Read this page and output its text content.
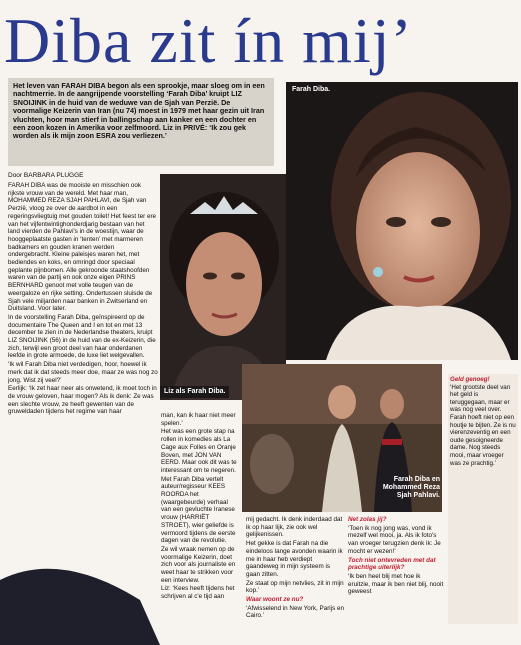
Diba zit ín mij’
Het leven van FARAH DIBA begon als een sprookje, maar sloeg om in een nachtmerrie. In de aangrijpende voorstelling ‘Farah Diba’ kruipt LIZ SNOIJINK in de huid van de weduwe van de Sjah van Perzië. De voormalige Keizerin van Iran (nu 74) moest in 1979 met haar gezin uit Iran vluchten, hoor man stierf in ballingschap aan kanker en een dochter en een zoon kozen in Amerika voor zelfmoord. Liz in PRIVÉ: ‘Ik zou gek worden als ik mijn zoon ESRA zou verliezen.’
Farah Diba.
Door BARBARA PLUGGE

FARAH DIBA was de mooiste en misschien ook rijkste vrouw van de wereld. Met haar man, MOHAMMED REZA SJAH PAHLAVI, de Sjah van Perzië, vloog ze over de aardbol in een regeringsvliegtuig met gouden toilet! Het feest ter ere van het vijfentwintighonderdjarig bestaan van het land vierden de Pahlavi's in de woestijn, waar de hooggeplaatste gasten in ‘tenten’ met marmeren badkamers en gouden kranen werden ondergebracht. Kleine paleisjes waren het, met bediendes en koks, en omringd door speciaal geplante pijnbomen. Alle gekroonde staatshoofden waren van de partij en ook onze eigen PRINS BERNHARD genoot met volle teugen van de weergaloze en rijke setting. Ondertussen sluisde de Sjah vele miljarden naar banken in Zwitserland en Duitsland. Voor later.

In de voorstelling Farah Diba, geïnspireerd op de documentaire The Queen and I en tot en met 13 december te zien in de Nederlandse theaters, kruipt LIZ SNOIJINK (56) in de huid van de ex-Keizerin, die zich, terwijl een groot deel van haar onderdanen leefde in grote armoede, de luxe liet welgevallen.

‘Ik wil Farah Diba niet verdedigen, hoor, hoewel ik merk dat ik dat steeds meer doe, maar ze was nog zo jong. Wist zij veel?’

Eerlijk: ‘Ik zet haar neer als onwetend, ik moet toch in de vrouw geloven, haar mogen? Als ik denk: Ze was een slechte vrouw, ze heeft gewenten van de gruweldaden tijdens het regime van haar

Liz als Farah Diba.

man, kan ik haar niet meer spelen.’

Het was een grote stap na rollen in komedies als La Cage aux Folles en Oranje Boven, met JON VAN EERD. Maar ook dit was te interessant om te negeren.

Met Farah Diba vertelt auteur/regisseur KEES ROORDA het (waargebeurde) verhaal van een gevluchte Iranese vrouw (HARRIËT STROET), wier geliefde is vermoord tijdens de eerste dagen van de revolutie.

Ze wil wraak nemen op de voormalige Keizerin, doet zich voor als journaliste en weet haar te strikken voor een interview.

Liz: ‘Kees heeft tijdens het schrijven al c'e tijd aan

Farah Diba en Mohammed Reza Sjah Pahlavi.

mij gedacht. Ik denk inderdaad dat ik op haar lijk, zie ook wel gelijkenissen.

Het gekke is dat Farah na die eindeloos lange avonden waarin ik me in haar heb verdiept gaandeweg in mijn systeem is gaan zitten.

Ze staat op mijn netvlies, zit in mijn kop.’

Waar woont ze nu?

‘Afwisselend in New York, Parijs en Cairo.’

Net zolas jij?

‘Toen ik nog jong was, vond ik mezelf wel mooi, ja. Als ik foto's van vroeger terugzien denk ik: Je mocht er wezen!’

Toch niet ontevreden met dat prachtige uiterlijk?

‘Ik ben heel blij met hoe ik eruitzie, maar ik ben niet blij, nooit geweest

Geld genoeg!

‘Het grootste deel van het geld is teruggegaan, maar er was nog veel over. Farah hoeft niet op een houtje te bijten. Ze is nu vierenzeventig en een oude gesoigneerde dame. Nog steeds mooi, maar vroeger was ze prachtig.’
